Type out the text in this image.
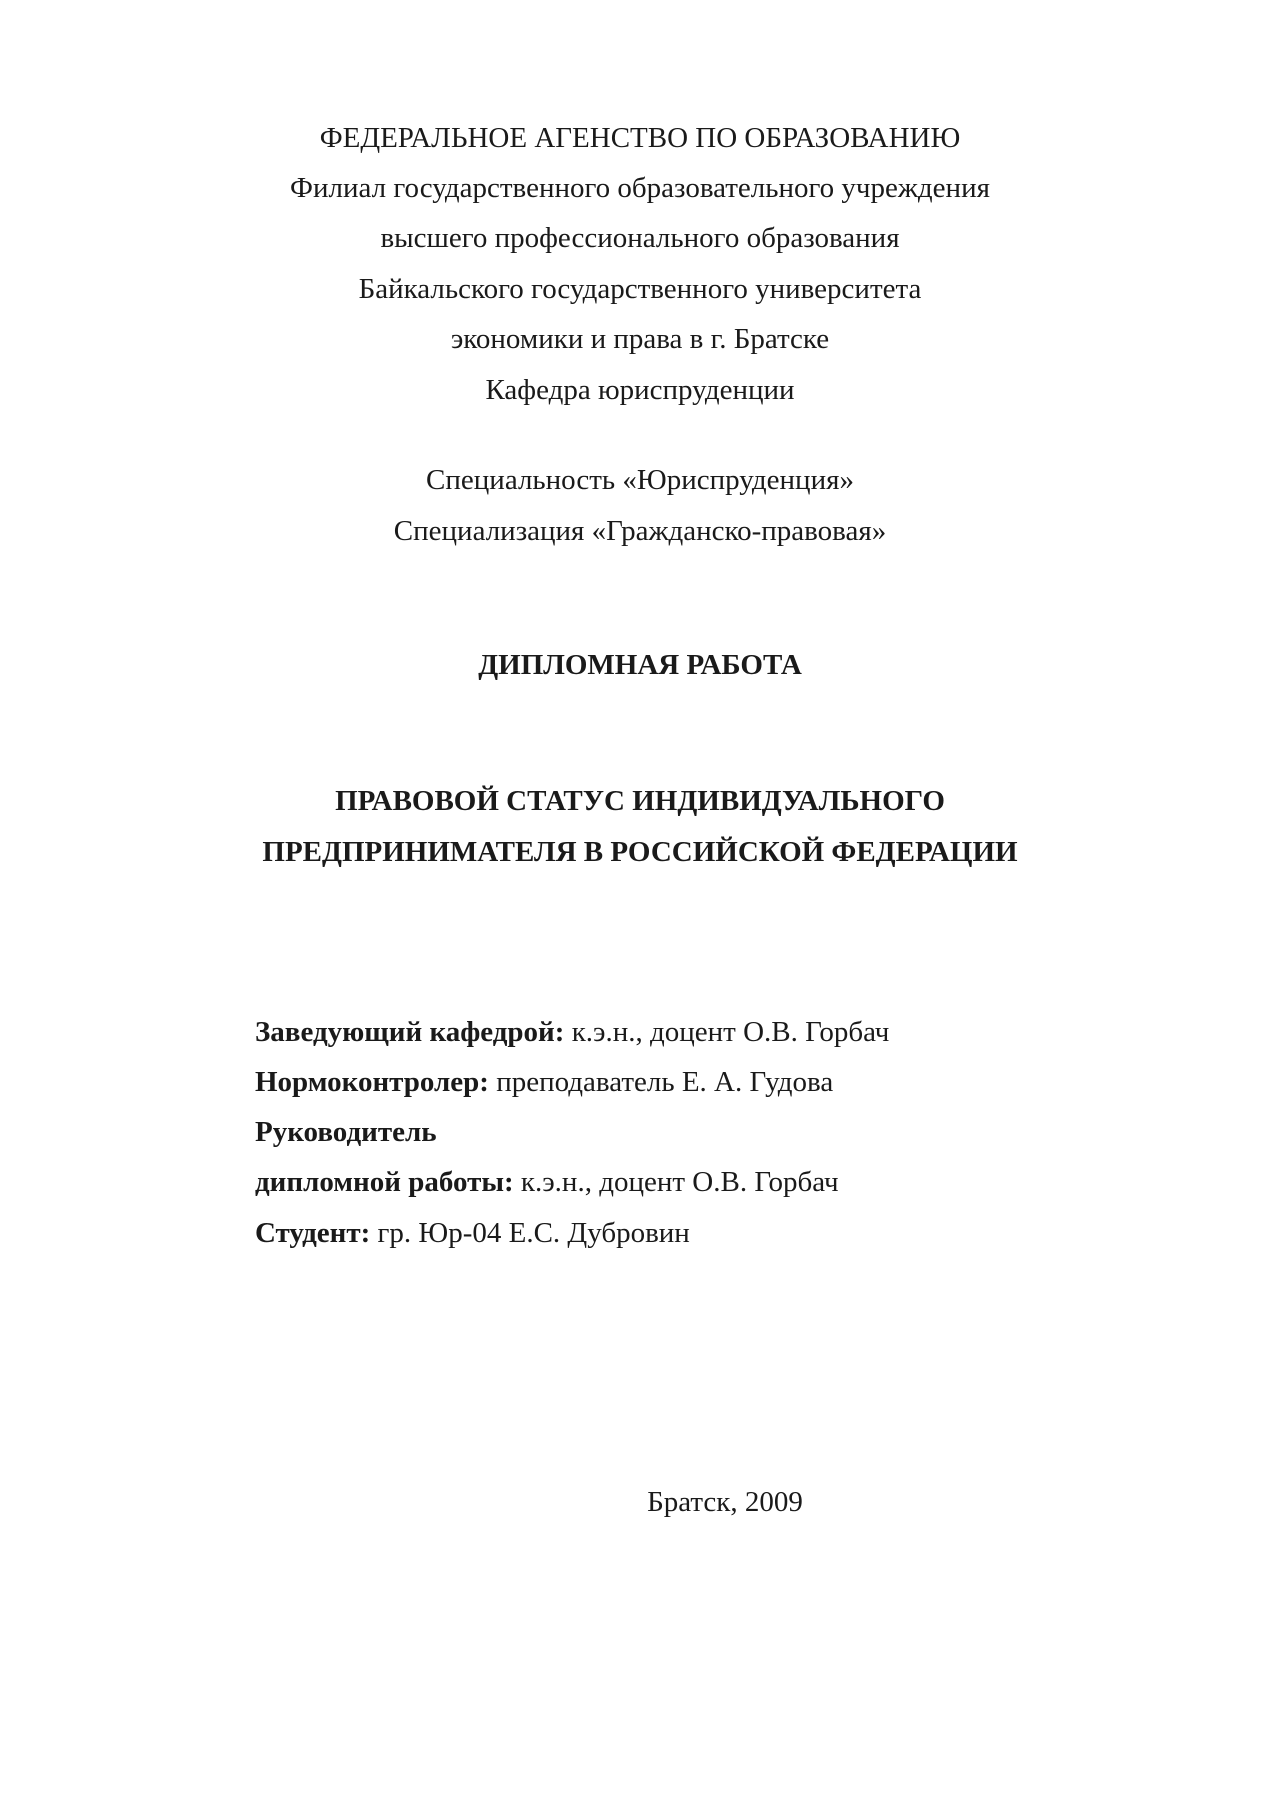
ФЕДЕРАЛЬНОЕ АГЕНСТВО ПО ОБРАЗОВАНИЮ
Филиал государственного образовательного учреждения
высшего профессионального образования
Байкальского государственного университета
экономики и права в г. Братске
Кафедра юриспруденции
Специальность «Юриспруденция»
Специализация «Гражданско-правовая»
ДИПЛОМНАЯ РАБОТА
ПРАВОВОЙ СТАТУС ИНДИВИДУАЛЬНОГО
ПРЕДПРИНИМАТЕЛЯ В РОССИЙСКОЙ ФЕДЕРАЦИИ
Заведующий кафедрой: к.э.н., доцент О.В. Горбач
Нормоконтролер: преподаватель Е. А. Гудова
Руководитель
дипломной работы: к.э.н., доцент О.В. Горбач
Студент: гр. Юр-04 Е.С. Дубровин
Братск, 2009
